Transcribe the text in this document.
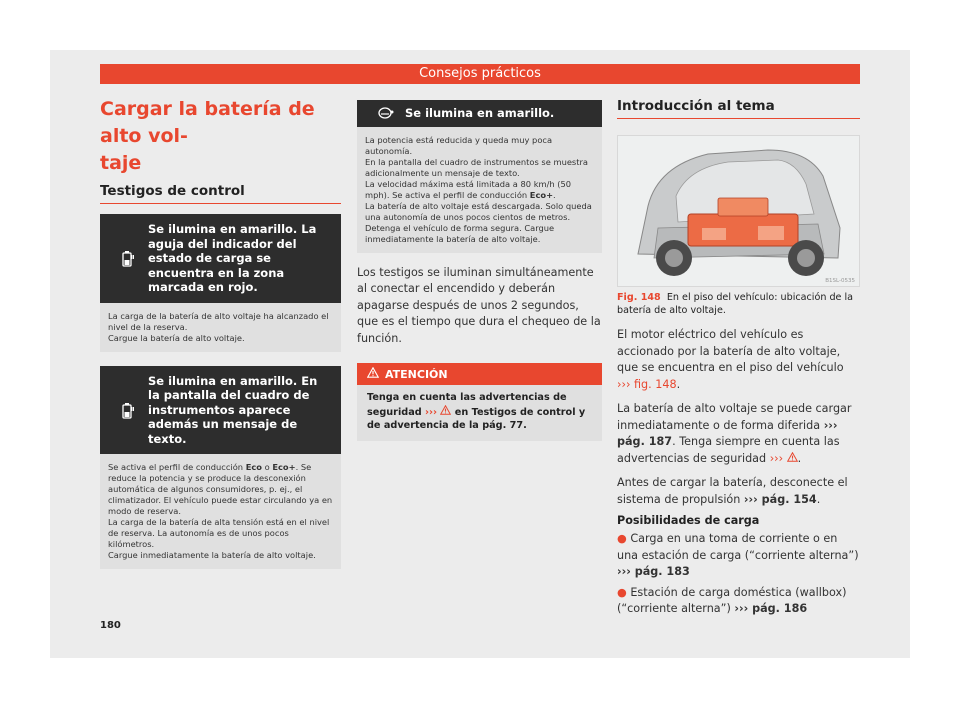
Consejos prácticos
Cargar la batería de alto vol-
taje
Testigos de control
Se ilumina en amarillo. La aguja del indicador del estado de carga se encuentra en la zona marcada en rojo.

La carga de la batería de alto voltaje ha alcanzado el nivel de la reserva.

Cargue la batería de alto voltaje.

Se ilumina en amarillo. En la pantalla del cuadro de instrumentos aparece además un mensaje de texto.

Se activa el perfil de conducción Eco o Eco+. Se reduce la potencia y se produce la desconexión automática de algunos consumidores, p. ej., el climatizador. El vehículo puede estar circulando ya en modo de reserva.

La carga de la batería de alta tensión está en el nivel de reserva. La autonomía es de unos pocos kilómetros.

Cargue inmediatamente la batería de alto voltaje.

Se ilumina en amarillo.

La potencia está reducida y queda muy poca autonomía.

En la pantalla del cuadro de instrumentos se muestra adicionalmente un mensaje de texto.

La velocidad máxima está limitada a 80 km/h (50 mph). Se activa el perfil de conducción Eco+.

La batería de alto voltaje está descargada. Solo queda una autonomía de unos pocos cientos de metros. Detenga el vehículo de forma segura. Cargue inmediatamente la batería de alto voltaje.

Los testigos se iluminan simultáneamente al conectar el encendido y deberán apagarse después de unos 2 segundos, que es el tiempo que dura el chequeo de la función.

ATENCIÓN
Tenga en cuenta las advertencias de seguridad ›››  en Testigos de control y de advertencia de la pág. 77.
Introducción al tema
B1SL-0535
Fig. 148 En el piso del vehículo: ubicación de la batería de alto voltaje.

El motor eléctrico del vehículo es accionado por la batería de alto voltaje, que se encuentra en el piso del vehículo ››› fig. 148.

La batería de alto voltaje se puede cargar inmediatamente o de forma diferida ››› pág. 187. Tenga siempre en cuenta las advertencias de seguridad ››› .

Antes de cargar la batería, desconecte el sistema de propulsión ››› pág. 154.

Posibilidades de carga

● Carga en una toma de corriente o en una estación de carga (“corriente alterna”) ››› pág. 183

● Estación de carga doméstica (wallbox) (“corriente alterna”) ››› pág. 186

180
